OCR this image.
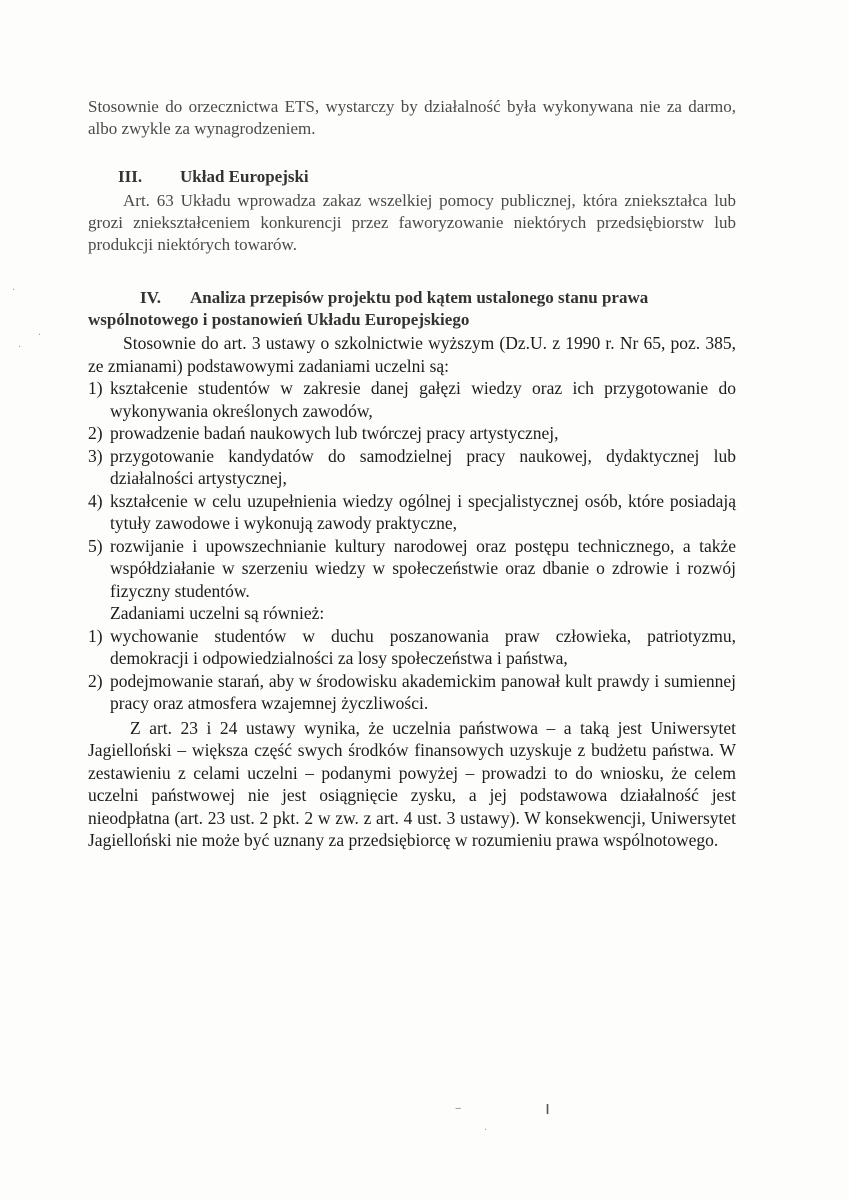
Stosownie do orzecznictwa ETS, wystarczy by działalność była wykonywana nie za darmo, albo zwykle za wynagrodzeniem.

III. Układ Europejski

Art. 63 Układu wprowadza zakaz wszelkiej pomocy publicznej, która zniekształca lub grozi zniekształceniem konkurencji przez faworyzowanie niektórych przedsiębiorstw lub produkcji niektórych towarów.

IV. Analiza przepisów projektu pod kątem ustalonego stanu prawa wspólnotowego i postanowień Układu Europejskiego

Stosownie do art. 3 ustawy o szkolnictwie wyższym (Dz.U. z 1990 r. Nr 65, poz. 385, ze zmianami) podstawowymi zadaniami uczelni są:

1) kształcenie studentów w zakresie danej gałęzi wiedzy oraz ich przygotowanie do wykonywania określonych zawodów,
2) prowadzenie badań naukowych lub twórczej pracy artystycznej,
3) przygotowanie kandydatów do samodzielnej pracy naukowej, dydaktycznej lub działalności artystycznej,
4) kształcenie w celu uzupełnienia wiedzy ogólnej i specjalistycznej osób, które posiadają tytuły zawodowe i wykonują zawody praktyczne,
5) rozwijanie i upowszechnianie kultury narodowej oraz postępu technicznego, a także współdziałanie w szerzeniu wiedzy w społeczeństwie oraz dbanie o zdrowie i rozwój fizyczny studentów.

Zadaniami uczelni są również:

1) wychowanie studentów w duchu poszanowania praw człowieka, patriotyzmu, demokracji i odpowiedzialności za losy społeczeństwa i państwa,
2) podejmowanie starań, aby w środowisku akademickim panował kult prawdy i sumiennej pracy oraz atmosfera wzajemnej życzliwości.

Z art. 23 i 24 ustawy wynika, że uczelnia państwowa – a taką jest Uniwersytet Jagielloński – większa część swych środków finansowych uzyskuje z budżetu państwa. W zestawieniu z celami uczelni – podanymi powyżej – prowadzi to do wniosku, że celem uczelni państwowej nie jest osiągnięcie zysku, a jej podstawowa działalność jest nieodpłatna (art. 23 ust. 2 pkt. 2 w zw. z art. 4 ust. 3 ustawy). W konsekwencji, Uniwersytet Jagielloński nie może być uznany za przedsiębiorcę w rozumieniu prawa wspólnotowego.

·
·
·
‒	ı
·
